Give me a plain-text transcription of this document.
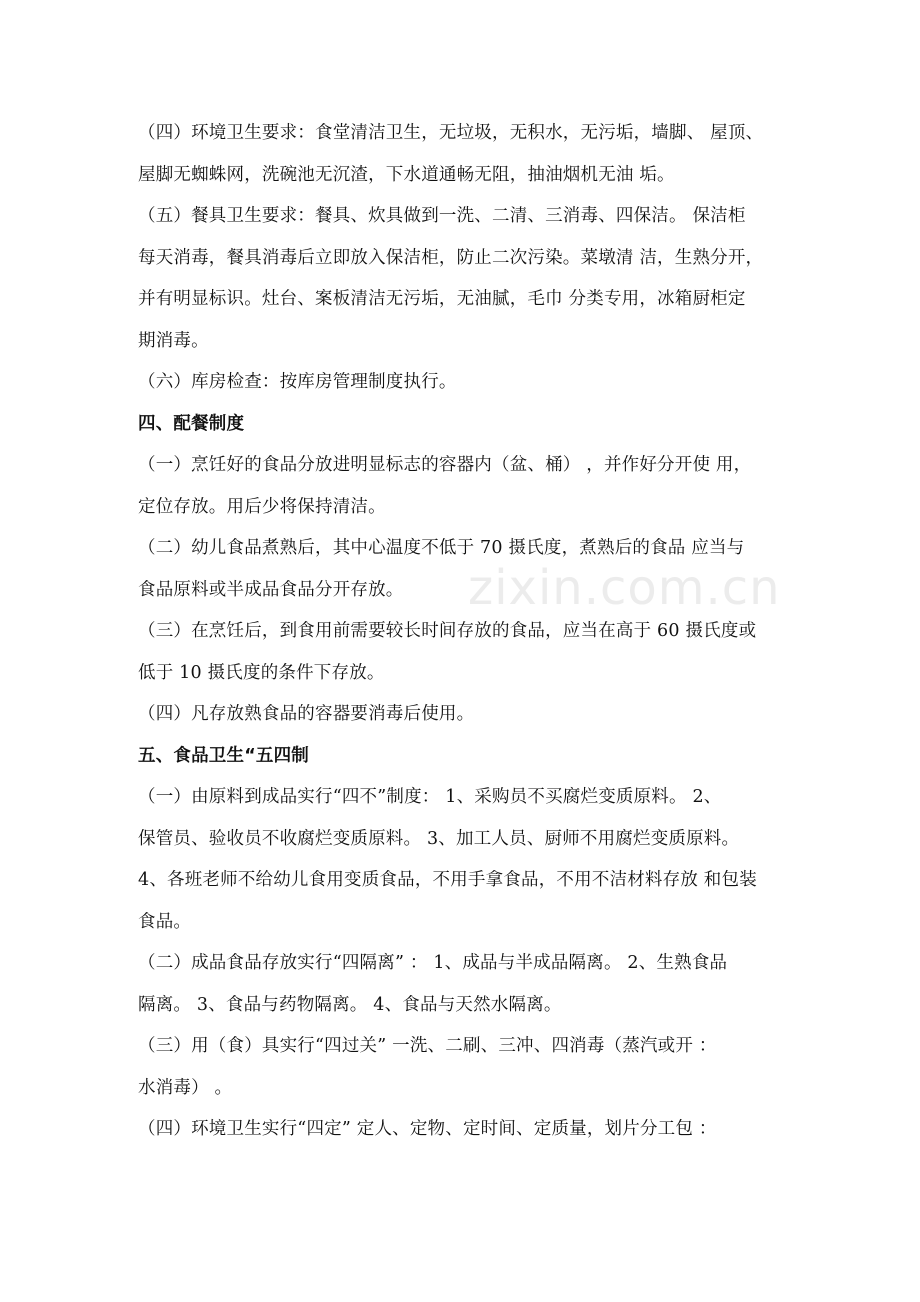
zixin.com.cn
（四）环境卫生要求：食堂清洁卫生，无垃圾，无积水，无污垢，墙脚、 屋顶、
屋脚无蜘蛛网，洗碗池无沉渣，下水道通畅无阻，抽油烟机无油 垢。
（五）餐具卫生要求：餐具、炊具做到一洗、二清、三消毒、四保洁。 保洁柜
每天消毒，餐具消毒后立即放入保洁柜，防止二次污染。菜墩清 洁，生熟分开，
并有明显标识。灶台、案板清洁无污垢，无油腻，毛巾 分类专用，冰箱厨柜定
期消毒。
（六）库房检查：按库房管理制度执行。
四、配餐制度
（一）烹饪好的食品分放进明显标志的容器内（盆、桶） ，并作好分开使 用，
定位存放。用后少将保持清洁。
（二）幼儿食品煮熟后，其中心温度不低于 70 摄氏度，煮熟后的食品 应当与
食品原料或半成品食品分开存放。
（三）在烹饪后，到食用前需要较长时间存放的食品，应当在高于 60 摄氏度或
低于 10 摄氏度的条件下存放。
（四）凡存放熟食品的容器要消毒后使用。
五、食品卫生“五四制
（一）由原料到成品实行“四不”制度： 1、采购员不买腐烂变质原料。 2、
保管员、验收员不收腐烂变质原料。 3、加工人员、厨师不用腐烂变质原料。
4、各班老师不给幼儿食用变质食品，不用手拿食品，不用不洁材料存放 和包装
食品。
（二）成品食品存放实行“四隔离” ： 1、成品与半成品隔离。 2、生熟食品
隔离。 3、食品与药物隔离。 4、食品与天然水隔离。
（三）用（食）具实行“四过关” 一洗、二刷、三冲、四消毒（蒸汽或开 ：
水消毒） 。
（四）环境卫生实行“四定” 定人、定物、定时间、定质量，划片分工包 ：
